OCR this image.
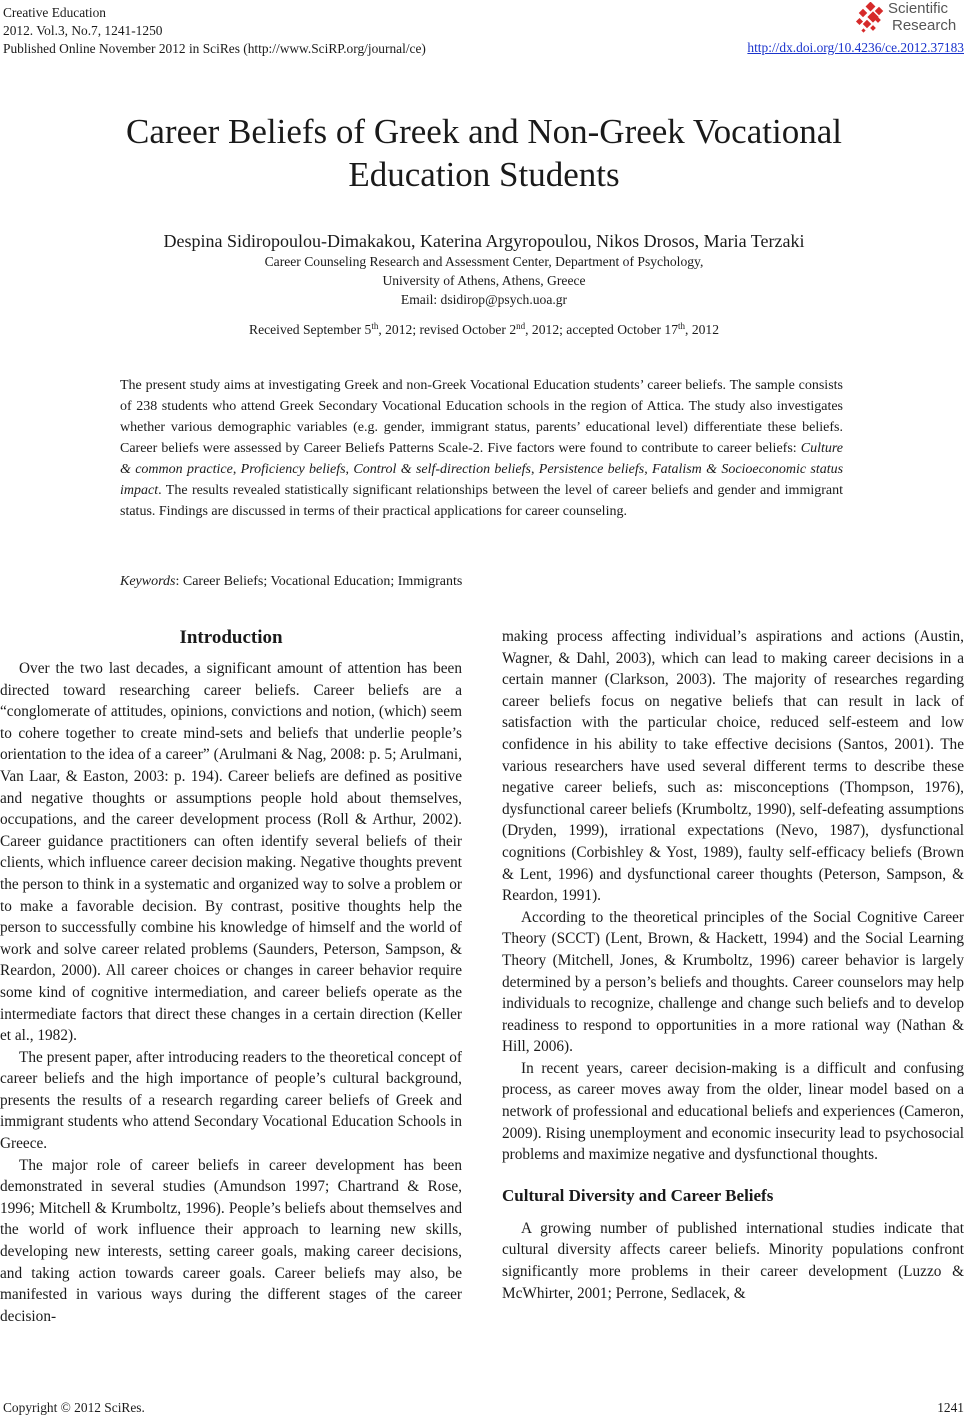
Creative Education
2012. Vol.3, No.7, 1241-1250
Published Online November 2012 in SciRes (http://www.SciRP.org/journal/ce)
Scientific
Research
http://dx.doi.org/10.4236/ce.2012.37183
Career Beliefs of Greek and Non-Greek Vocational
Education Students
Despina Sidiropoulou-Dimakakou, Katerina Argyropoulou, Nikos Drosos, Maria Terzaki
Career Counseling Research and Assessment Center, Department of Psychology,
University of Athens, Athens, Greece
Email: dsidirop@psych.uoa.gr
Received September 5th, 2012; revised October 2nd, 2012; accepted October 17th, 2012
The present study aims at investigating Greek and non-Greek Vocational Education students’ career beliefs. The sample consists of 238 students who attend Greek Secondary Vocational Education schools in the region of Attica. The study also investigates whether various demographic variables (e.g. gender, immigrant status, parents’ educational level) differentiate these beliefs. Career beliefs were assessed by Career Beliefs Patterns Scale-2. Five factors were found to contribute to career beliefs: Culture & common practice, Proficiency beliefs, Control & self-direction beliefs, Persistence beliefs, Fatalism & Socioeconomic status impact. The results revealed statistically significant relationships between the level of career beliefs and gender and immigrant status. Findings are discussed in terms of their practical applications for career counseling.
Keywords: Career Beliefs; Vocational Education; Immigrants
Introduction

Over the two last decades, a significant amount of attention has been directed toward researching career beliefs. Career beliefs are a “conglomerate of attitudes, opinions, convictions and notion, (which) seem to cohere together to create mind-sets and beliefs that underlie people’s orientation to the idea of a career” (Arulmani & Nag, 2008: p. 5; Arulmani, Van Laar, & Easton, 2003: p. 194). Career beliefs are defined as positive and negative thoughts or assumptions people hold about themselves, occupations, and the career development process (Roll & Arthur, 2002). Career guidance practitioners can often identify several beliefs of their clients, which influence career decision making. Negative thoughts prevent the person to think in a systematic and organized way to solve a problem or to make a favorable decision. By contrast, positive thoughts help the person to successfully combine his knowledge of himself and the world of work and solve career related problems (Saunders, Peterson, Sampson, & Reardon, 2000). All career choices or changes in career behavior require some kind of cognitive intermediation, and career beliefs operate as the intermediate factors that direct these changes in a certain direction (Keller et al., 1982).

The present paper, after introducing readers to the theoretical concept of career beliefs and the high importance of people’s cultural background, presents the results of a research regarding career beliefs of Greek and immigrant students who attend Secondary Vocational Education Schools in Greece.

The major role of career beliefs in career development has been demonstrated in several studies (Amundson 1997; Chartrand & Rose, 1996; Mitchell & Krumboltz, 1996). People’s beliefs about themselves and the world of work influence their approach to learning new skills, developing new interests, setting career goals, making career decisions, and taking action towards career goals. Career beliefs may also, be manifested in various ways during the different stages of the career decision-

making process affecting individual’s aspirations and actions (Austin, Wagner, & Dahl, 2003), which can lead to making career decisions in a certain manner (Clarkson, 2003). The majority of researches regarding career beliefs focus on negative beliefs that can result in lack of satisfaction with the particular choice, reduced self-esteem and low confidence in his ability to take effective decisions (Santos, 2001). The various researchers have used several different terms to describe these negative career beliefs, such as: misconceptions (Thompson, 1976), dysfunctional career beliefs (Krumboltz, 1990), self-defeating assumptions (Dryden, 1999), irrational expectations (Nevo, 1987), dysfunctional cognitions (Corbishley & Yost, 1989), faulty self-efficacy beliefs (Brown & Lent, 1996) and dysfunctional career thoughts (Peterson, Sampson, & Reardon, 1991).

According to the theoretical principles of the Social Cognitive Career Theory (SCCT) (Lent, Brown, & Hackett, 1994) and the Social Learning Theory (Mitchell, Jones, & Krumboltz, 1996) career behavior is largely determined by a person’s beliefs and thoughts. Career counselors may help individuals to recognize, challenge and change such beliefs and to develop readiness to respond to opportunities in a more rational way (Nathan & Hill, 2006).

In recent years, career decision-making is a difficult and confusing process, as career moves away from the older, linear model based on a network of professional and educational beliefs and experiences (Cameron, 2009). Rising unemployment and economic insecurity lead to psychosocial problems and maximize negative and dysfunctional thoughts.

Cultural Diversity and Career Beliefs

A growing number of published international studies indicate that cultural diversity affects career beliefs. Minority populations confront significantly more problems in their career development (Luzzo & McWhirter, 2001; Perrone, Sedlacek, &

Copyright © 2012 SciRes.	1241
